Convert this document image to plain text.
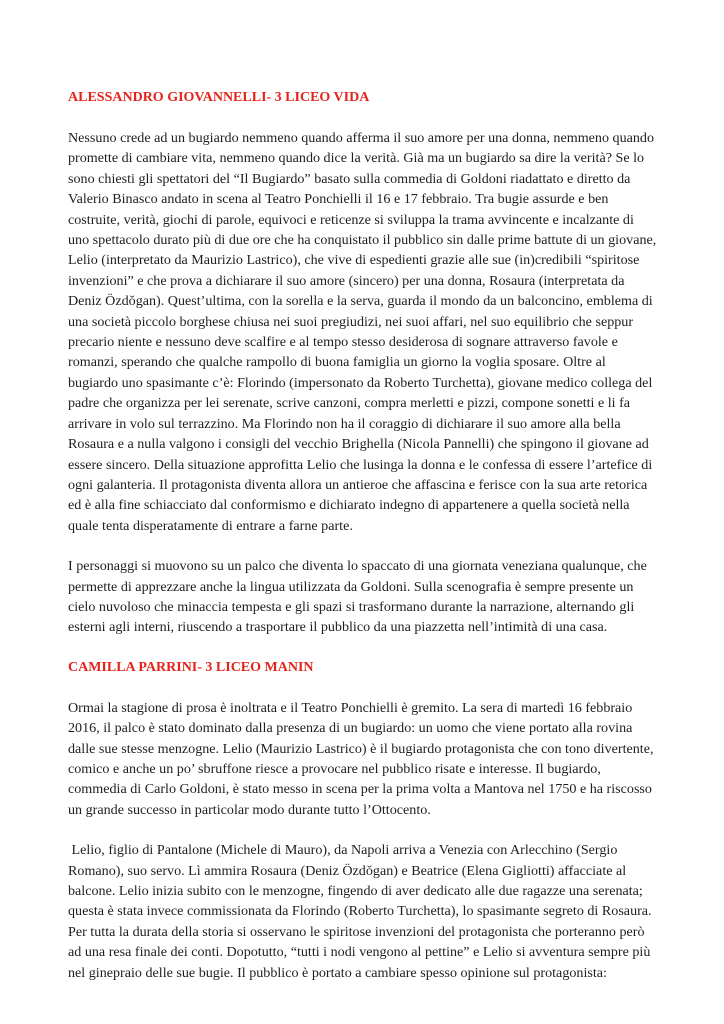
ALESSANDRO GIOVANNELLI- 3 LICEO VIDA

Nessuno crede ad un bugiardo nemmeno quando afferma il suo amore per una donna, nemmeno quando promette di cambiare vita, nemmeno quando dice la verità. Già ma un bugiardo sa dire la verità? Se lo sono chiesti gli spettatori del “Il Bugiardo” basato sulla commedia di Goldoni riadattato e diretto da Valerio Binasco andato in scena al Teatro Ponchielli il 16 e 17 febbraio. Tra bugie assurde e ben costruite, verità, giochi di parole, equivoci e reticenze si sviluppa la trama avvincente e incalzante di uno spettacolo durato più di due ore che ha conquistato il pubblico sin dalle prime battute di un giovane, Lelio (interpretato da Maurizio Lastrico), che vive di espedienti grazie alle sue (in)credibili “spiritose invenzioni” e che prova a dichiarare il suo amore (sincero) per una donna, Rosaura (interpretata da Deniz Özdŏgan). Quest’ultima, con la sorella e la serva, guarda il mondo da un balconcino, emblema di una società piccolo borghese chiusa nei suoi pregiudizi, nei suoi affari, nel suo equilibrio che seppur precario niente e nessuno deve scalfire e al tempo stesso desiderosa di sognare attraverso favole e romanzi, sperando che qualche rampollo di buona famiglia un giorno la voglia sposare. Oltre al bugiardo uno spasimante c’è: Florindo (impersonato da Roberto Turchetta), giovane medico collega del padre che organizza per lei serenate, scrive canzoni, compra merletti e pizzi, compone sonetti e li fa arrivare in volo sul terrazzino. Ma Florindo non ha il coraggio di dichiarare il suo amore alla bella Rosaura e a nulla valgono i consigli del vecchio Brighella (Nicola Pannelli) che spingono il giovane ad essere sincero. Della situazione approfitta Lelio che lusinga la donna e le confessa di essere l’artefice di ogni galanteria. Il protagonista diventa allora un antieroe che affascina e ferisce con la sua arte retorica ed è alla fine schiacciato dal conformismo e dichiarato indegno di appartenere a quella società nella quale tenta disperatamente di entrare a farne parte.

I personaggi si muovono su un palco che diventa lo spaccato di una giornata veneziana qualunque, che permette di apprezzare anche la lingua utilizzata da Goldoni. Sulla scenografia è sempre presente un cielo nuvoloso che minaccia tempesta e gli spazi si trasformano durante la narrazione, alternando gli esterni agli interni, riuscendo a trasportare il pubblico da una piazzetta nell’intimità di una casa.

CAMILLA PARRINI- 3 LICEO MANIN

Ormai la stagione di prosa è inoltrata e il Teatro Ponchielli è gremito. La sera di martedì 16 febbraio 2016, il palco è stato dominato dalla presenza di un bugiardo: un uomo che viene portato alla rovina dalle sue stesse menzogne. Lelio (Maurizio Lastrico) è il bugiardo protagonista che con tono divertente, comico e anche un po’ sbruffone riesce a provocare nel pubblico risate e interesse. Il bugiardo, commedia di Carlo Goldoni, è stato messo in scena per la prima volta a Mantova nel 1750 e ha riscosso un grande successo in particolar modo durante tutto l’Ottocento.

Lelio, figlio di Pantalone (Michele di Mauro), da Napoli arriva a Venezia con Arlecchino (Sergio Romano), suo servo. Lì ammira Rosaura (Deniz Özdŏgan) e Beatrice (Elena Gigliotti) affacciate al balcone. Lelio inizia subito con le menzogne, fingendo di aver dedicato alle due ragazze una serenata; questa è stata invece commissionata da Florindo (Roberto Turchetta), lo spasimante segreto di Rosaura. Per tutta la durata della storia si osservano le spiritose invenzioni del protagonista che porteranno però ad una resa finale dei conti. Dopotutto, “tutti i nodi vengono al pettine” e Lelio si avventura sempre più nel ginepraio delle sue bugie. Il pubblico è portato a cambiare spesso opinione sul protagonista:
